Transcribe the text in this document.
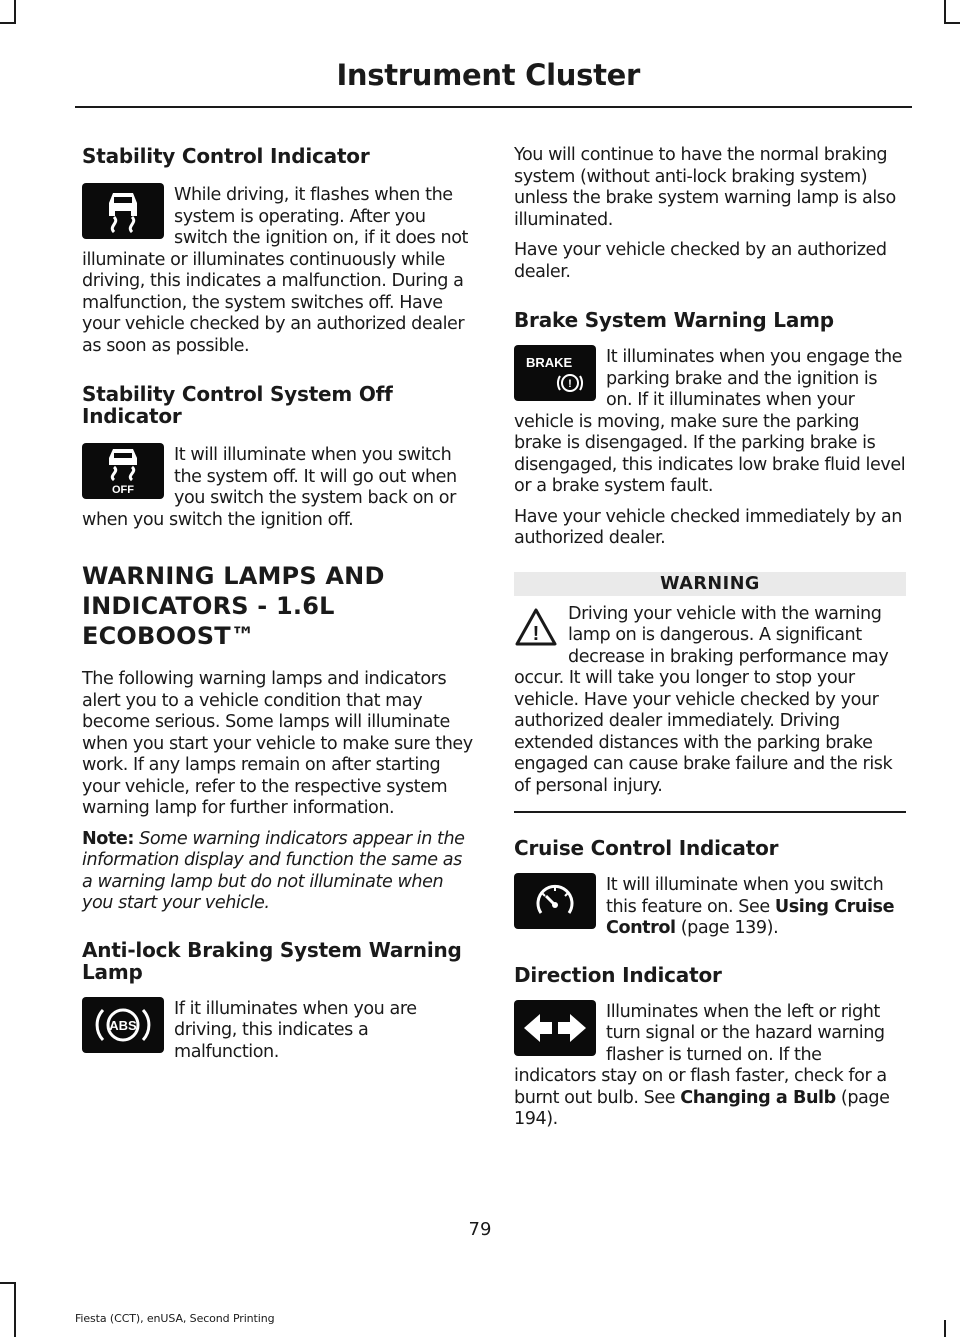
Instrument Cluster
Stability Control Indicator

While driving, it flashes when the system is operating. After you switch the ignition on, if it does not illuminate or illuminates continuously while driving, this indicates a malfunction. During a malfunction, the system switches off. Have your vehicle checked by an authorized dealer as soon as possible.

Stability Control System Off Indicator
OFF

It will illuminate when you switch the system off. It will go out when you switch the system back on or when you switch the ignition off.

WARNING LAMPS AND
INDICATORS - 1.6L
ECOBOOST™

The following warning lamps and indicators alert you to a vehicle condition that may become serious. Some lamps will illuminate when you start your vehicle to make sure they work. If any lamps remain on after starting your vehicle, refer to the respective system warning lamp for further information.

Note: Some warning indicators appear in the information display and function the same as a warning lamp but do not illuminate when you start your vehicle.

Anti-lock Braking System Warning Lamp
ABS

If it illuminates when you are driving, this indicates a malfunction.

You will continue to have the normal braking system (without anti-lock braking system) unless the brake system warning lamp is also illuminated.

Have your vehicle checked by an authorized dealer.

Brake System Warning Lamp
BRAKE
!

It illuminates when you engage the parking brake and the ignition is on. If it illuminates when your vehicle is moving, make sure the parking brake is disengaged. If the parking brake is disengaged, this indicates low brake fluid level or a brake system fault.

Have your vehicle checked immediately by an authorized dealer.

WARNING
!

Driving your vehicle with the warning lamp on is dangerous. A significant decrease in braking performance may occur. It will take you longer to stop your vehicle. Have your vehicle checked by your authorized dealer immediately. Driving extended distances with the parking brake engaged can cause brake failure and the risk of personal injury.

Cruise Control Indicator

It will illuminate when you switch this feature on. See Using Cruise Control (page 139).

Direction Indicator

Illuminates when the left or right turn signal or the hazard warning flasher is turned on. If the indicators stay on or flash faster, check for a burnt out bulb. See Changing a Bulb (page 194).

79
Fiesta (CCT), enUSA, Second Printing
